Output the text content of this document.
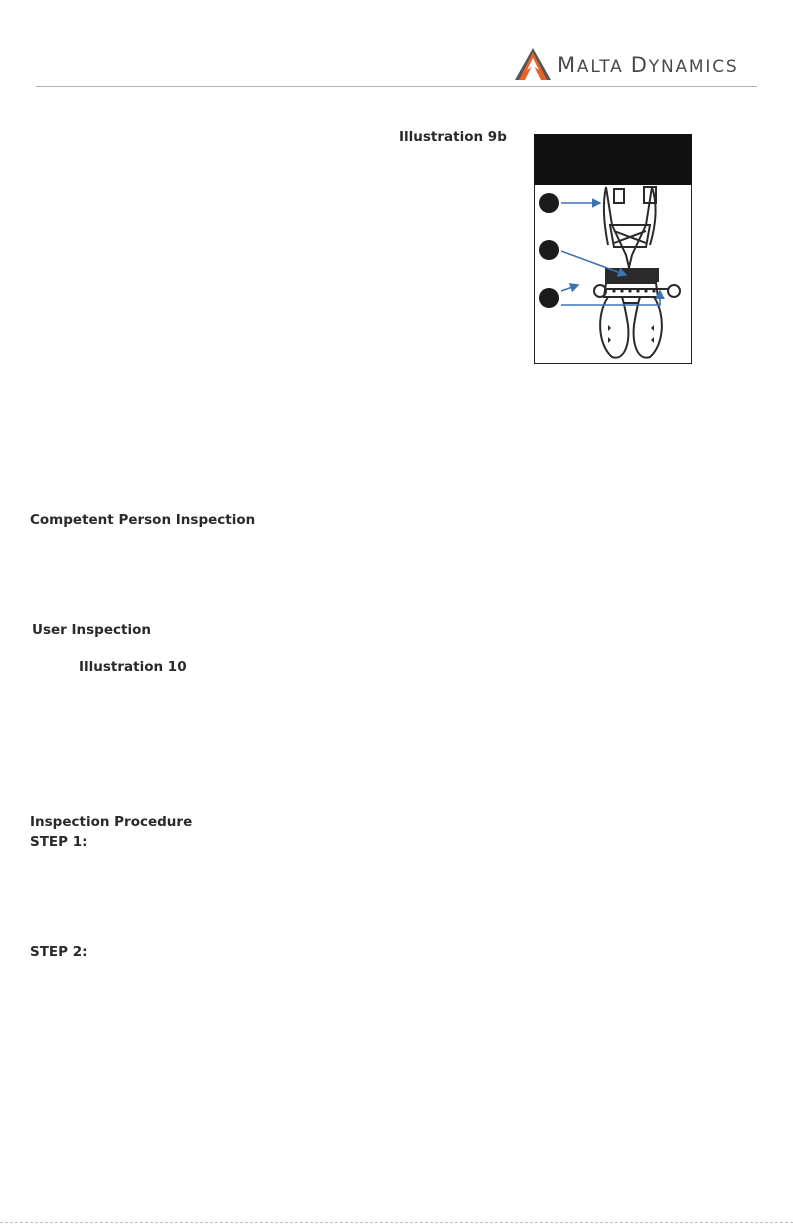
MALTA DYNAMICS
Illustration 9b
Competent Person Inspection
User Inspection
Illustration 10
Inspection Procedure
STEP 1:
STEP 2:
